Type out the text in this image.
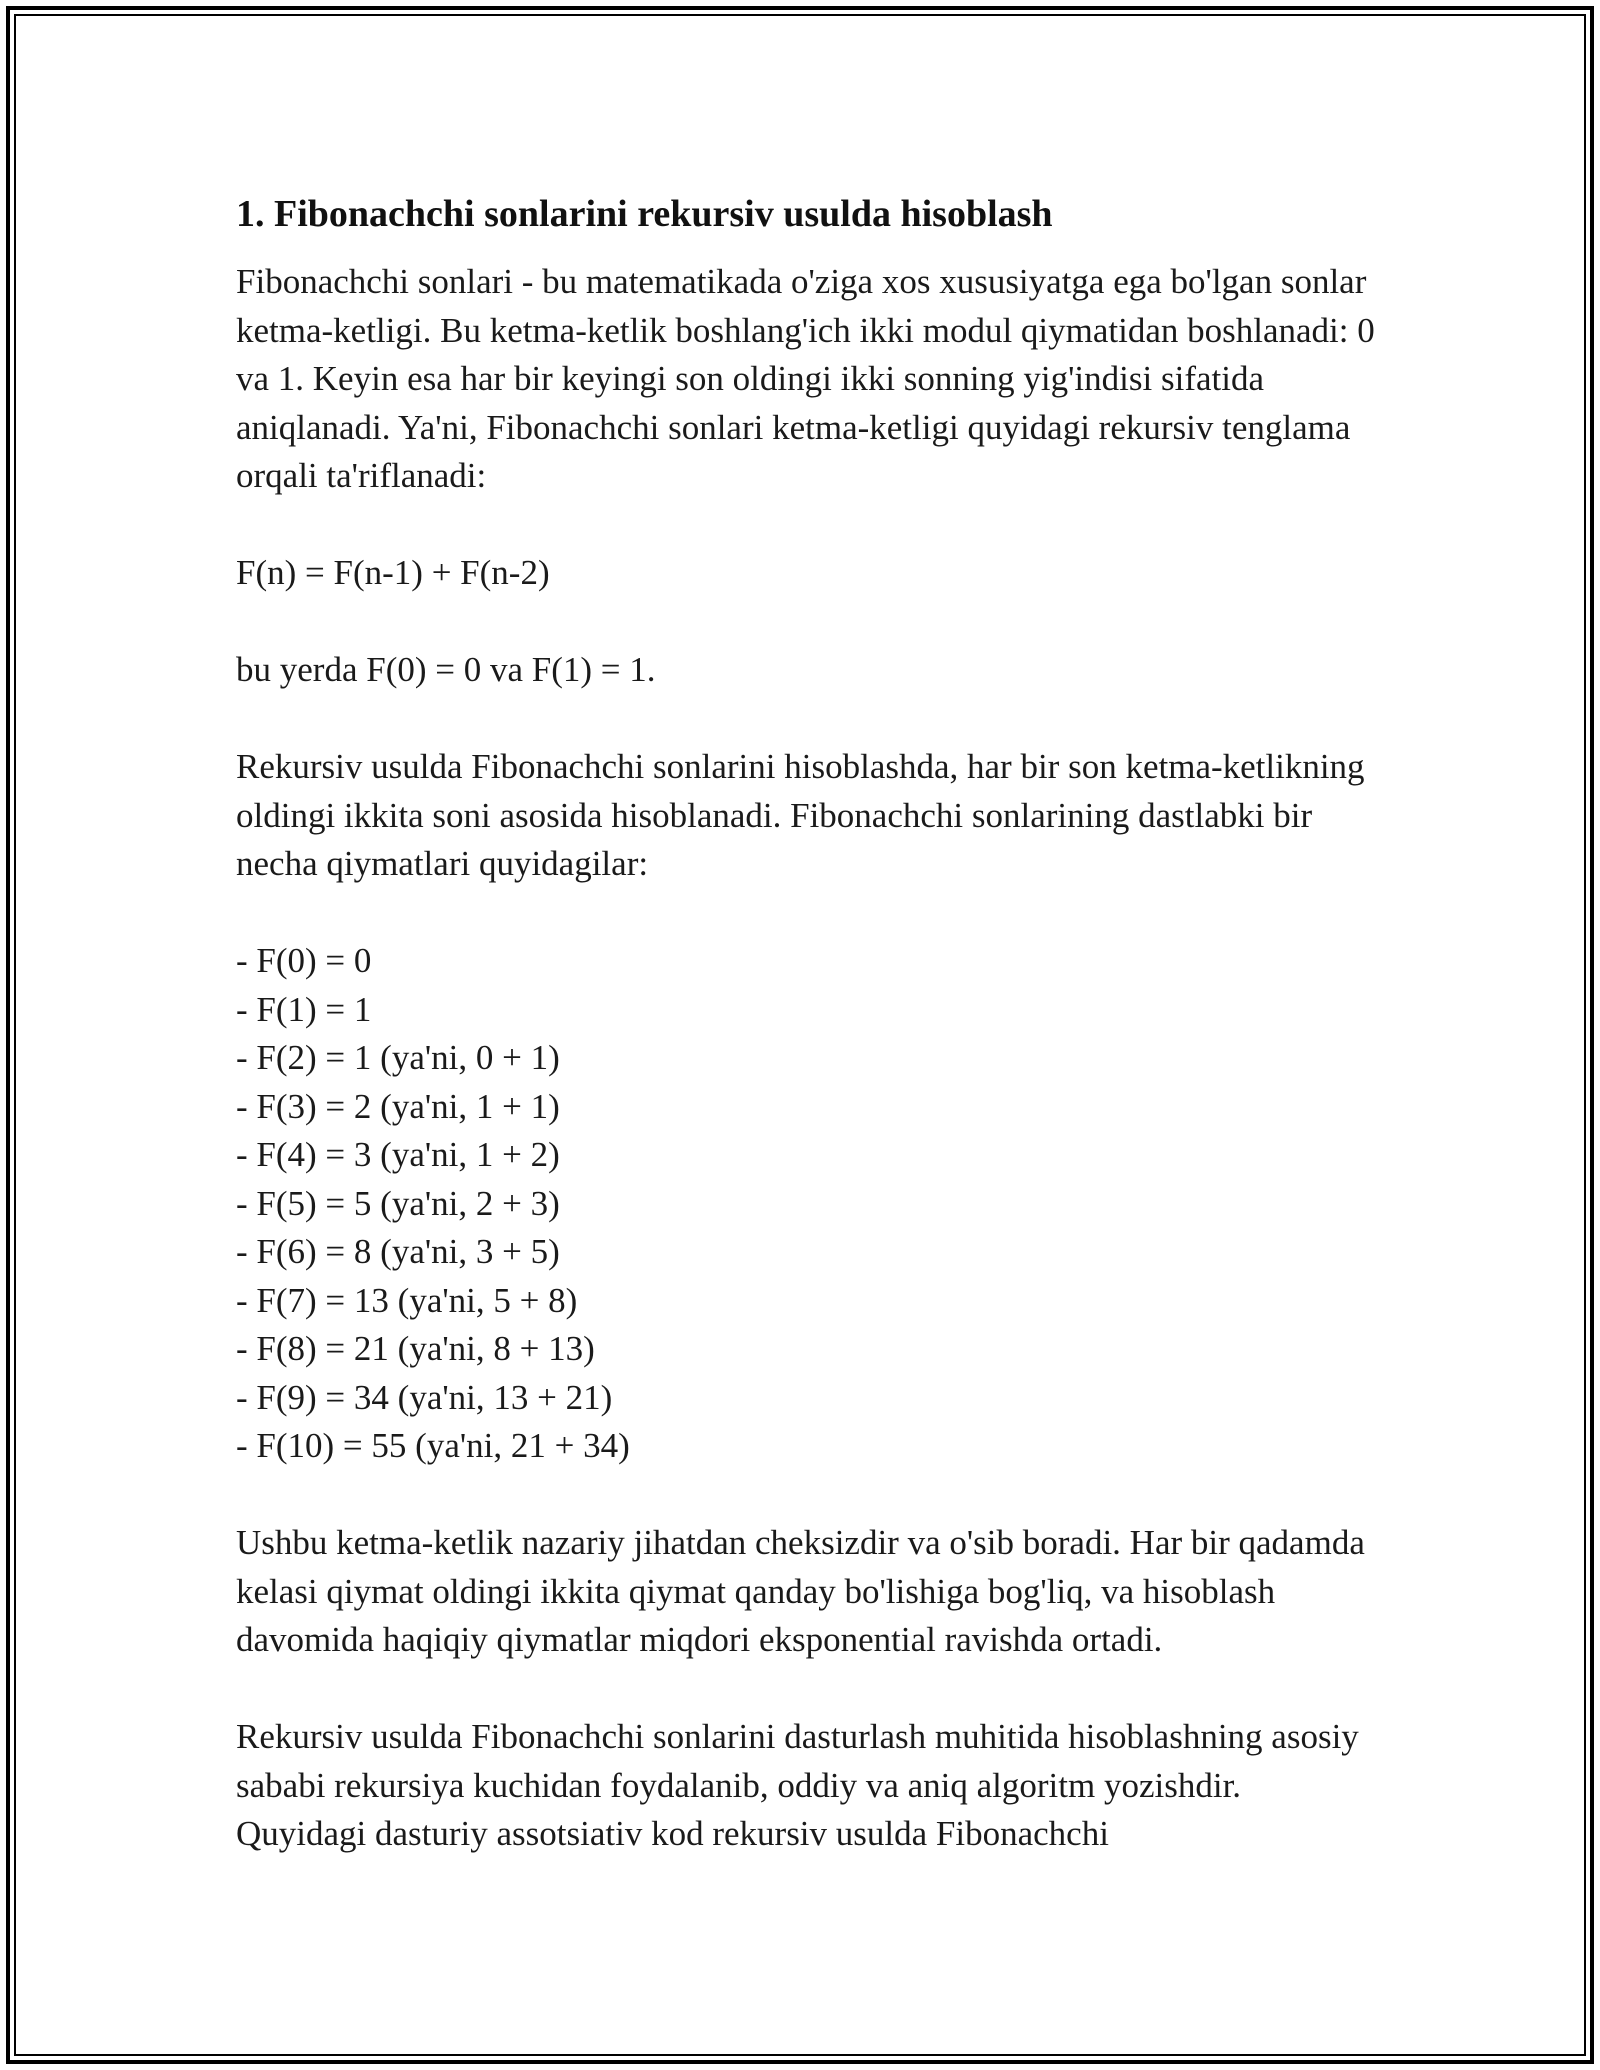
1. Fibonachchi sonlarini rekursiv usulda hisoblash

Fibonachchi sonlari - bu matematikada o'ziga xos xususiyatga ega bo'lgan sonlar ketma-ketligi. Bu ketma-ketlik boshlang'ich ikki modul qiymatidan boshlanadi: 0 va 1. Keyin esa har bir keyingi son oldingi ikki sonning yig'indisi sifatida aniqlanadi. Ya'ni, Fibonachchi sonlari ketma-ketligi quyidagi rekursiv tenglama orqali ta'riflanadi:

F(n) = F(n-1) + F(n-2)

bu yerda F(0) = 0 va F(1) = 1.

Rekursiv usulda Fibonachchi sonlarini hisoblashda, har bir son ketma-ketlikning oldingi ikkita soni asosida hisoblanadi. Fibonachchi sonlarining dastlabki bir necha qiymatlari quyidagilar:

- F(0) = 0
- F(1) = 1
- F(2) = 1 (ya'ni, 0 + 1)
- F(3) = 2 (ya'ni, 1 + 1)
- F(4) = 3 (ya'ni, 1 + 2)
- F(5) = 5 (ya'ni, 2 + 3)
- F(6) = 8 (ya'ni, 3 + 5)
- F(7) = 13 (ya'ni, 5 + 8)
- F(8) = 21 (ya'ni, 8 + 13)
- F(9) = 34 (ya'ni, 13 + 21)
- F(10) = 55 (ya'ni, 21 + 34)

Ushbu ketma-ketlik nazariy jihatdan cheksizdir va o'sib boradi. Har bir qadamda kelasi qiymat oldingi ikkita qiymat qanday bo'lishiga bog'liq, va hisoblash davomida haqiqiy qiymatlar miqdori eksponential ravishda ortadi.

Rekursiv usulda Fibonachchi sonlarini dasturlash muhitida hisoblashning asosiy sababi rekursiya kuchidan foydalanib, oddiy va aniq algoritm yozishdir. Quyidagi dasturiy assotsiativ kod rekursiv usulda Fibonachchi
